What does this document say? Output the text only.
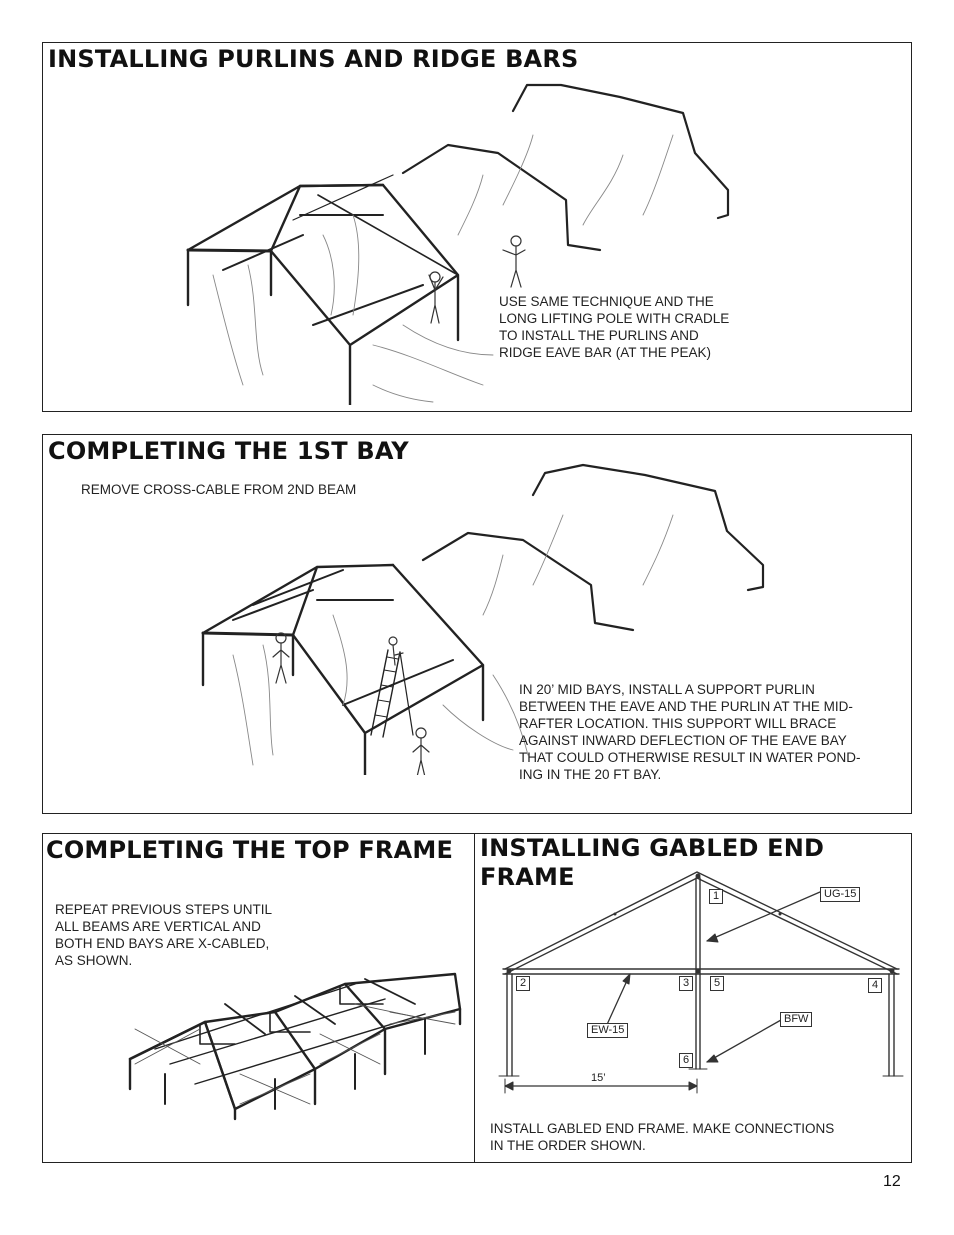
INSTALLING PURLINS AND RIDGE BARS

USE SAME TECHNIQUE AND THE
LONG LIFTING POLE WITH CRADLE
TO INSTALL THE PURLINS AND
RIDGE EAVE BAR (AT THE PEAK)

COMPLETING THE 1ST BAY

REMOVE CROSS-CABLE FROM 2ND BEAM

IN 20’ MID BAYS, INSTALL A SUPPORT PURLIN
BETWEEN THE EAVE AND THE PURLIN AT THE MID-
RAFTER LOCATION. THIS SUPPORT WILL BRACE
AGAINST INWARD DEFLECTION OF THE EAVE BAY
THAT COULD OTHERWISE RESULT IN WATER POND-
ING IN THE 20 FT BAY.

COMPLETING THE TOP FRAME

REPEAT PREVIOUS STEPS UNTIL
ALL BEAMS ARE VERTICAL AND
BOTH END BAYS ARE X-CABLED,
AS SHOWN.

INSTALLING GABLED END
FRAME
1	UG-15
2	3	5	4
BFW
EW-15
6
15’

INSTALL GABLED END FRAME. MAKE CONNECTIONS
IN THE ORDER SHOWN.

12
